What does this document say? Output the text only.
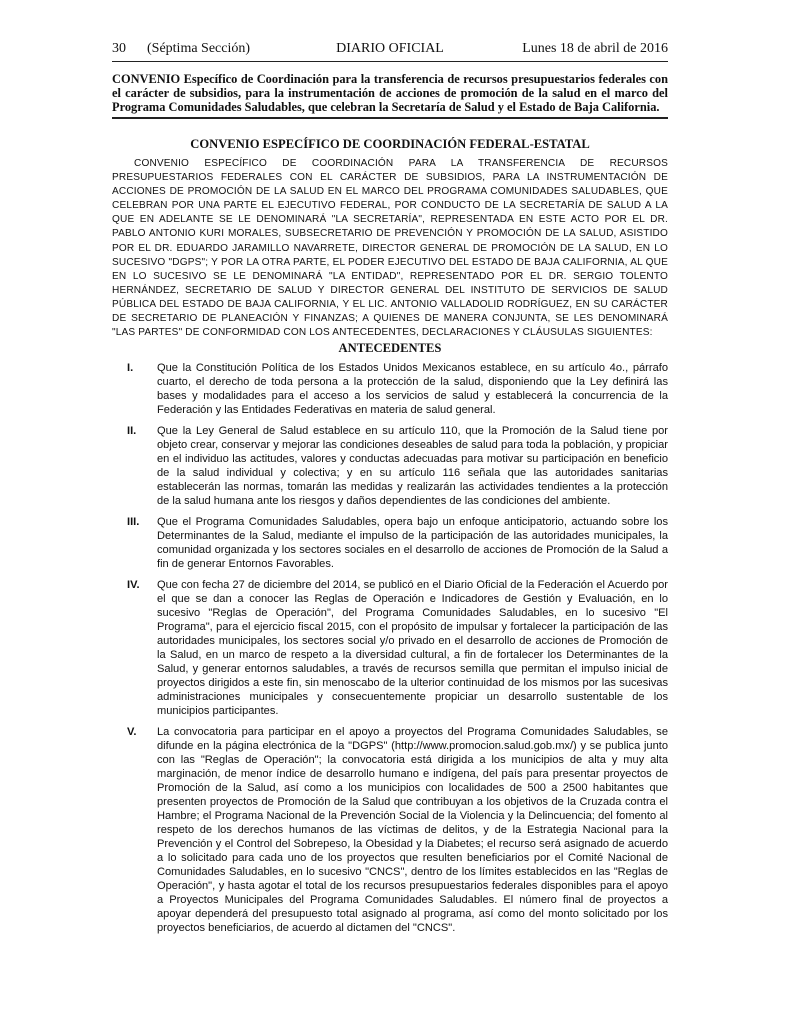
30      (Séptima Sección)	DIARIO OFICIAL	Lunes 18 de abril de 2016
CONVENIO Específico de Coordinación para la transferencia de recursos presupuestarios federales con el carácter de subsidios, para la instrumentación de acciones de promoción de la salud en el marco del Programa Comunidades Saludables, que celebran la Secretaría de Salud y el Estado de Baja California.
CONVENIO ESPECÍFICO DE COORDINACIÓN FEDERAL-ESTATAL

CONVENIO ESPECÍFICO DE COORDINACIÓN PARA LA TRANSFERENCIA DE RECURSOS PRESUPUESTARIOS FEDERALES CON EL CARÁCTER DE SUBSIDIOS, PARA LA INSTRUMENTACIÓN DE ACCIONES DE PROMOCIÓN DE LA SALUD EN EL MARCO DEL PROGRAMA COMUNIDADES SALUDABLES, QUE CELEBRAN POR UNA PARTE EL EJECUTIVO FEDERAL, POR CONDUCTO DE LA SECRETARÍA DE SALUD A LA QUE EN ADELANTE SE LE DENOMINARÁ "LA SECRETARÍA", REPRESENTADA EN ESTE ACTO POR EL DR. PABLO ANTONIO KURI MORALES, SUBSECRETARIO DE PREVENCIÓN Y PROMOCIÓN DE LA SALUD, ASISTIDO POR EL DR. EDUARDO JARAMILLO NAVARRETE, DIRECTOR GENERAL DE PROMOCIÓN DE LA SALUD, EN LO SUCESIVO "DGPS"; Y POR LA OTRA PARTE, EL PODER EJECUTIVO DEL ESTADO DE BAJA CALIFORNIA, AL QUE EN LO SUCESIVO SE LE DENOMINARÁ "LA ENTIDAD", REPRESENTADO POR EL DR. SERGIO TOLENTO HERNÁNDEZ, SECRETARIO DE SALUD Y DIRECTOR GENERAL DEL INSTITUTO DE SERVICIOS DE SALUD PÚBLICA DEL ESTADO DE BAJA CALIFORNIA, Y EL LIC. ANTONIO VALLADOLID RODRÍGUEZ, EN SU CARÁCTER DE SECRETARIO DE PLANEACIÓN Y FINANZAS; A QUIENES DE MANERA CONJUNTA, SE LES DENOMINARÁ "LAS PARTES" DE CONFORMIDAD CON LOS ANTECEDENTES, DECLARACIONES Y CLÁUSULAS SIGUIENTES:

ANTECEDENTES
I.	Que la Constitución Política de los Estados Unidos Mexicanos establece, en su artículo 4o., párrafo cuarto, el derecho de toda persona a la protección de la salud, disponiendo que la Ley definirá las bases y modalidades para el acceso a los servicios de salud y establecerá la concurrencia de la Federación y las Entidades Federativas en materia de salud general.
II.	Que la Ley General de Salud establece en su artículo 110, que la Promoción de la Salud tiene por objeto crear, conservar y mejorar las condiciones deseables de salud para toda la población, y propiciar en el individuo las actitudes, valores y conductas adecuadas para motivar su participación en beneficio de la salud individual y colectiva; y en su artículo 116 señala que las autoridades sanitarias establecerán las normas, tomarán las medidas y realizarán las actividades tendientes a la protección de la salud humana ante los riesgos y daños dependientes de las condiciones del ambiente.
III.	Que el Programa Comunidades Saludables, opera bajo un enfoque anticipatorio, actuando sobre los Determinantes de la Salud, mediante el impulso de la participación de las autoridades municipales, la comunidad organizada y los sectores sociales en el desarrollo de acciones de Promoción de la Salud a fin de generar Entornos Favorables.
IV.	Que con fecha 27 de diciembre del 2014, se publicó en el Diario Oficial de la Federación el Acuerdo por el que se dan a conocer las Reglas de Operación e Indicadores de Gestión y Evaluación, en lo sucesivo "Reglas de Operación", del Programa Comunidades Saludables, en lo sucesivo "El Programa", para el ejercicio fiscal 2015, con el propósito de impulsar y fortalecer la participación de las autoridades municipales, los sectores social y/o privado en el desarrollo de acciones de Promoción de la Salud, en un marco de respeto a la diversidad cultural, a fin de fortalecer los Determinantes de la Salud, y generar entornos saludables, a través de recursos semilla que permitan el impulso inicial de proyectos dirigidos a este fin, sin menoscabo de la ulterior continuidad de los mismos por las sucesivas administraciones municipales y consecuentemente propiciar un desarrollo sustentable de los municipios participantes.
V.	La convocatoria para participar en el apoyo a proyectos del Programa Comunidades Saludables, se difunde en la página electrónica de la "DGPS" (http://www.promocion.salud.gob.mx/) y se publica junto con las "Reglas de Operación"; la convocatoria está dirigida a los municipios de alta y muy alta marginación, de menor índice de desarrollo humano e indígena, del país para presentar proyectos de Promoción de la Salud, así como a los municipios con localidades de 500 a 2500 habitantes que presenten proyectos de Promoción de la Salud que contribuyan a los objetivos de la Cruzada contra el Hambre; el Programa Nacional de la Prevención Social de la Violencia y la Delincuencia; del fomento al respeto de los derechos humanos de las víctimas de delitos, y de la Estrategia Nacional para la Prevención y el Control del Sobrepeso, la Obesidad y la Diabetes; el recurso será asignado de acuerdo a lo solicitado para cada uno de los proyectos que resulten beneficiarios por el Comité Nacional de Comunidades Saludables, en lo sucesivo "CNCS", dentro de los límites establecidos en las "Reglas de Operación", y hasta agotar el total de los recursos presupuestarios federales disponibles para el apoyo a Proyectos Municipales del Programa Comunidades Saludables. El número final de proyectos a apoyar dependerá del presupuesto total asignado al programa, así como del monto solicitado por los proyectos beneficiarios, de acuerdo al dictamen del "CNCS".
